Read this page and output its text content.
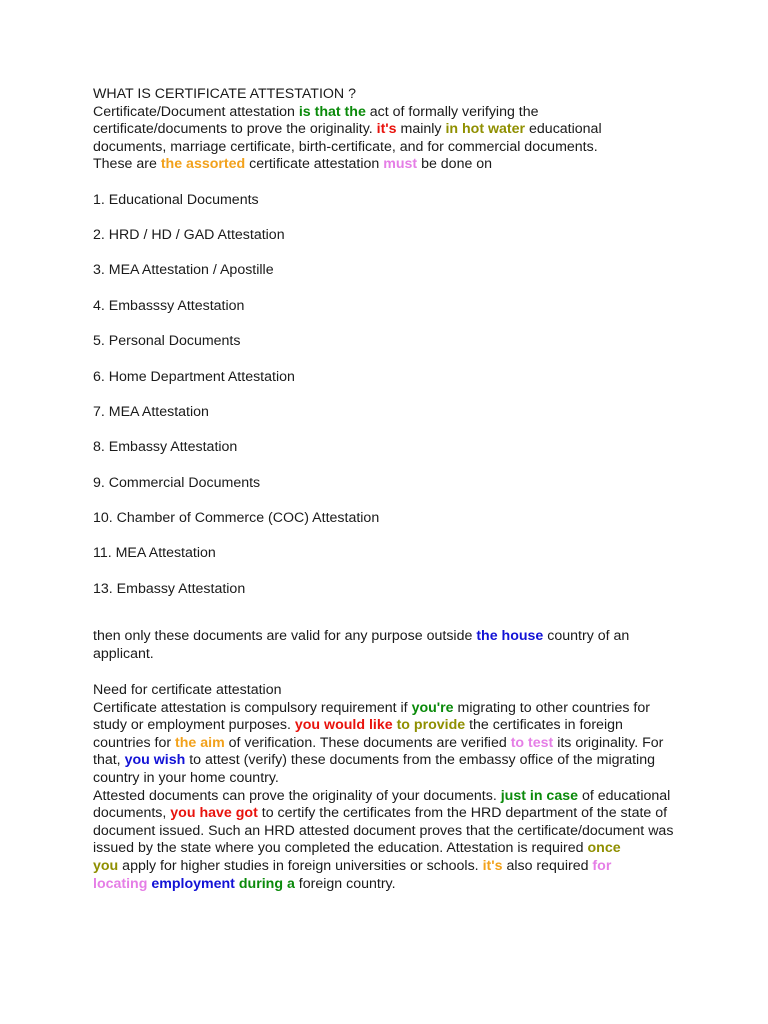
WHAT IS CERTIFICATE ATTESTATION ?
Certificate/Document attestation is that the act of formally verifying the
certificate/documents to prove the originality. it's mainly in hot water educational
documents, marriage certificate, birth-certificate, and for commercial documents.
These are the assorted certificate attestation must be done on
1. Educational Documents
2. HRD / HD / GAD Attestation
3. MEA Attestation / Apostille
4. Embasssy Attestation
5. Personal Documents
6. Home Department Attestation
7. MEA Attestation
8. Embassy Attestation
9. Commercial Documents
10. Chamber of Commerce (COC) Attestation
11. MEA Attestation
13. Embassy Attestation
then only these documents are valid for any purpose outside the house country of an
applicant.
Need for certificate attestation
Certificate attestation is compulsory requirement if you're migrating to other countries for
study or employment purposes. you would like to provide the certificates in foreign
countries for the aim of verification. These documents are verified to test its originality. For
that, you wish to attest (verify) these documents from the embassy office of the migrating
country in your home country.
Attested documents can prove the originality of your documents. just in case of educational
documents, you have got to certify the certificates from the HRD department of the state of
document issued. Such an HRD attested document proves that the certificate/document was
issued by the state where you completed the education. Attestation is required once
you apply for higher studies in foreign universities or schools. it's also required for
locating employment during a foreign country.
